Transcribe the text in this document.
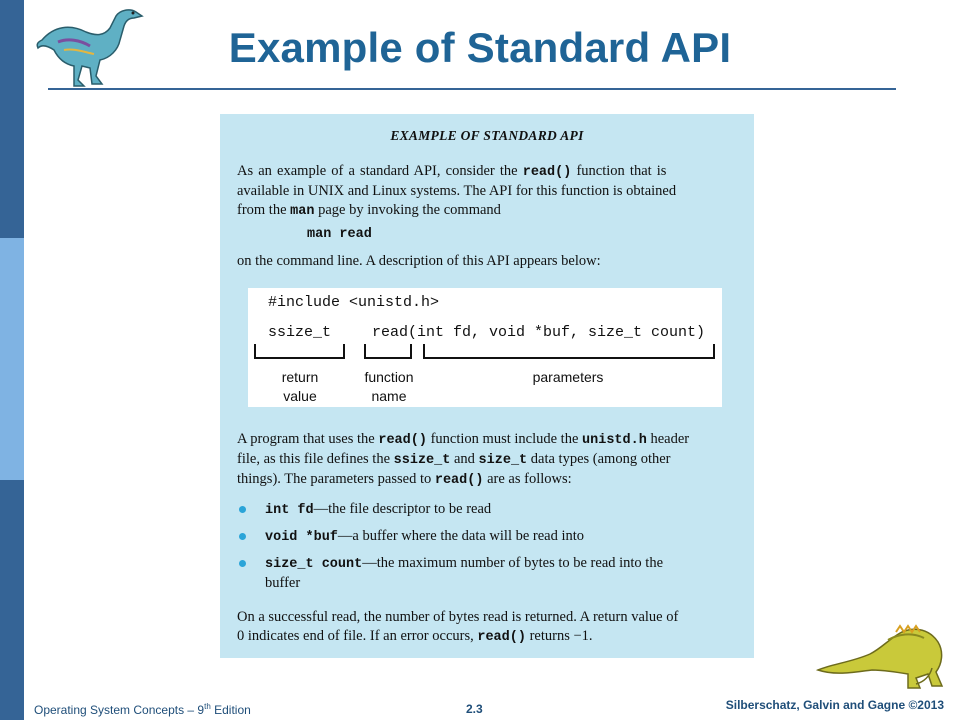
Example of Standard API
EXAMPLE OF STANDARD API
As an example of a standard API, consider the read() function that is
available in UNIX and Linux systems. The API for this function is obtained
from the man page by invoking the command
man read
on the command line. A description of this API appears below:
#include <unistd.h>
ssize_t	read(int fd, void *buf, size_t count)
return
value
function
name
parameters
A program that uses the read() function must include the unistd.h header
file, as this file defines the ssize_t and size_t data types (among other
things). The parameters passed to read() are as follows:
int fd—the file descriptor to be read
void *buf—a buffer where the data will be read into
size_t count—the maximum number of bytes to be read into the
buffer
On a successful read, the number of bytes read is returned. A return value of
0 indicates end of file. If an error occurs, read() returns −1.
Operating System Concepts – 9th Edition	2.3	Silberschatz, Galvin and Gagne ©2013
